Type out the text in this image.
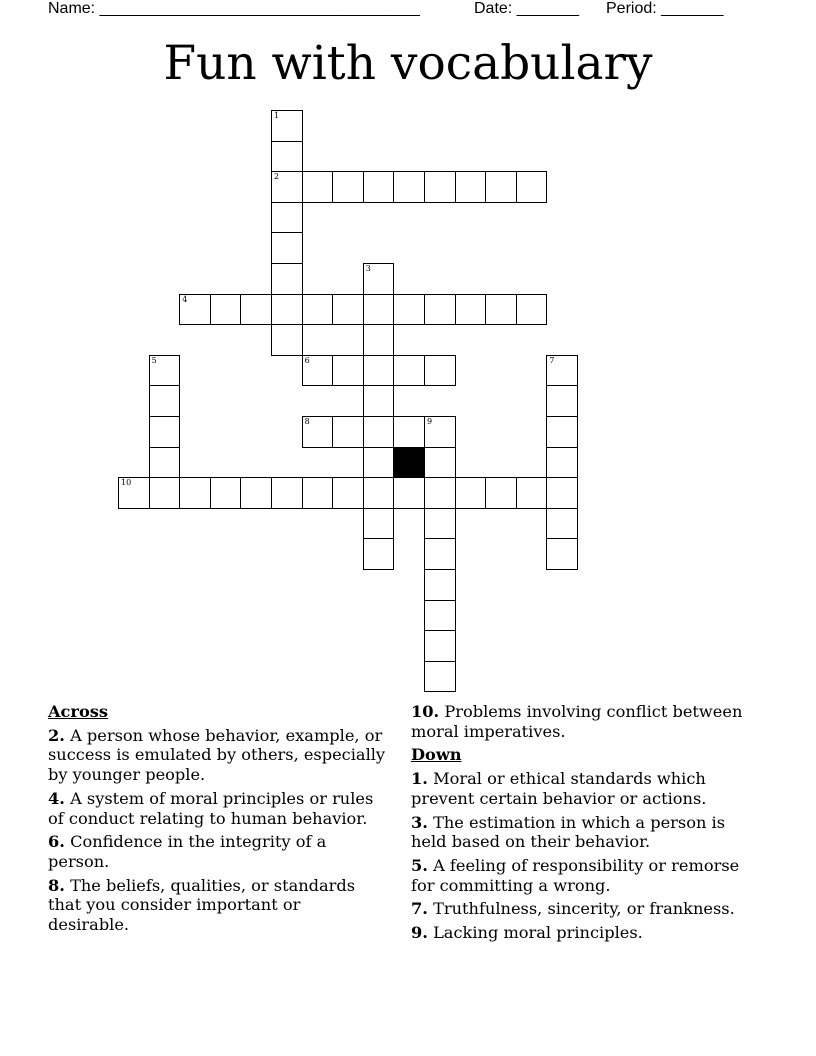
Name: ____________________________________	Date: _______ Period: _______
Fun with vocabulary
1
2
3
4
5	6	7
8	9
10
Across
2. A person whose behavior, example, or success is emulated by others, especially by younger people.
4. A system of moral principles or rules of conduct relating to human behavior.
6. Confidence in the integrity of a person.
8. The beliefs, qualities, or standards that you consider important or desirable.
10. Problems involving conflict between moral imperatives.
Down
1. Moral or ethical standards which prevent certain behavior or actions.
3. The estimation in which a person is held based on their behavior.
5. A feeling of responsibility or remorse for committing a wrong.
7. Truthfulness, sincerity, or frankness.
9. Lacking moral principles.
